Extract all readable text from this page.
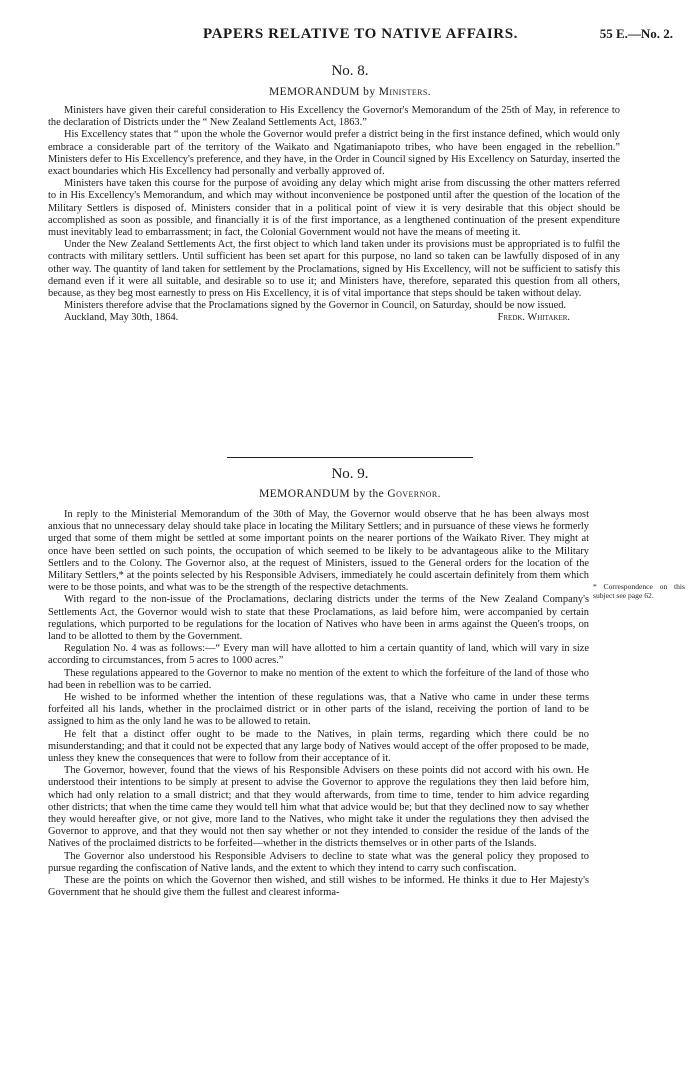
PAPERS RELATIVE TO NATIVE AFFAIRS.	55 E.—No. 2.
No. 8.
MEMORANDUM by Ministers.

Ministers have given their careful consideration to His Excellency the Governor's Memorandum of the 25th of May, in reference to the declaration of Districts under the “ New Zealand Settlements Act, 1863.”

His Excellency states that “ upon the whole the Governor would prefer a district being in the first instance defined, which would only embrace a considerable part of the territory of the Waikato and Ngatimaniapoto tribes, who have been engaged in the rebellion.” Ministers defer to His Excellency's preference, and they have, in the Order in Council signed by His Excellency on Saturday, inserted the exact boundaries which His Excellency had personally and verbally approved of.

Ministers have taken this course for the purpose of avoiding any delay which might arise from discussing the other matters referred to in His Excellency's Memorandum, and which may without inconvenience be postponed until after the question of the location of the Military Settlers is disposed of. Ministers consider that in a political point of view it is very desirable that this object should be accomplished as soon as possible, and financially it is of the first importance, as a lengthened continuation of the present expenditure must inevitably lead to embarrassment; in fact, the Colonial Government would not have the means of meeting it.

Under the New Zealand Settlements Act, the first object to which land taken under its provisions must be appropriated is to fulfil the contracts with military settlers. Until sufficient has been set apart for this purpose, no land so taken can be lawfully disposed of in any other way. The quantity of land taken for settlement by the Proclamations, signed by His Excellency, will not be sufficient to satisfy this demand even if it were all suitable, and desirable so to use it; and Ministers have, therefore, separated this question from all others, because, as they beg most earnestly to press on His Excellency, it is of vital importance that steps should be taken without delay.

Ministers therefore advise that the Proclamations signed by the Governor in Council, on Saturday, should be now issued.

Auckland, May 30th, 1864.	Fredk. Whitaker.
No. 9.
MEMORANDUM by the Governor.

In reply to the Ministerial Memorandum of the 30th of May, the Governor would observe that he has been always most anxious that no unnecessary delay should take place in locating the Military Settlers; and in pursuance of these views he formerly urged that some of them might be settled at some important points on the nearer portions of the Waikato River. They might at once have been settled on such points, the occupation of which seemed to be likely to be advantageous alike to the Military Settlers and to the Colony. The Governor also, at the request of Ministers, issued to the General orders for the location of the Military Settlers,* at the points selected by his Responsible Advisers, immediately he could ascertain definitely from them which were to be those points, and what was to be the strength of the respective detachments.

With regard to the non-issue of the Proclamations, declaring districts under the terms of the New Zealand Company's Settlements Act, the Governor would wish to state that these Proclamations, as laid before him, were accompanied by certain regulations, which purported to be regulations for the location of Natives who have been in arms against the Queen's troops, on land to be allotted to them by the Government.

Regulation No. 4 was as follows:—“ Every man will have allotted to him a certain quantity of land, which will vary in size according to circumstances, from 5 acres to 1000 acres.”

These regulations appeared to the Governor to make no mention of the extent to which the forfeiture of the land of those who had been in rebellion was to be carried.

He wished to be informed whether the intention of these regulations was, that a Native who came in under these terms forfeited all his lands, whether in the proclaimed district or in other parts of the island, receiving the portion of land to be assigned to him as the only land he was to be allowed to retain.

He felt that a distinct offer ought to be made to the Natives, in plain terms, regarding which there could be no misunderstanding; and that it could not be expected that any large body of Natives would accept of the offer proposed to be made, unless they knew the consequences that were to follow from their acceptance of it.

The Governor, however, found that the views of his Responsible Advisers on these points did not accord with his own. He understood their intentions to be simply at present to advise the Governor to approve the regulations they then laid before him, which had only relation to a small district; and that they would afterwards, from time to time, tender to him advice regarding other districts; that when the time came they would tell him what that advice would be; but that they declined now to say whether they would hereafter give, or not give, more land to the Natives, who might take it under the regulations they then advised the Governor to approve, and that they would not then say whether or not they intended to consider the residue of the lands of the Natives of the proclaimed districts to be forfeited—whether in the districts themselves or in other parts of the Islands.

The Governor also understood his Responsible Advisers to decline to state what was the general policy they proposed to pursue regarding the confiscation of Native lands, and the extent to which they intend to carry such confiscation.

These are the points on which the Governor then wished, and still wishes to be informed. He thinks it due to Her Majesty's Government that he should give them the fullest and clearest informa-

* Correspondence on this subject see page 62.
